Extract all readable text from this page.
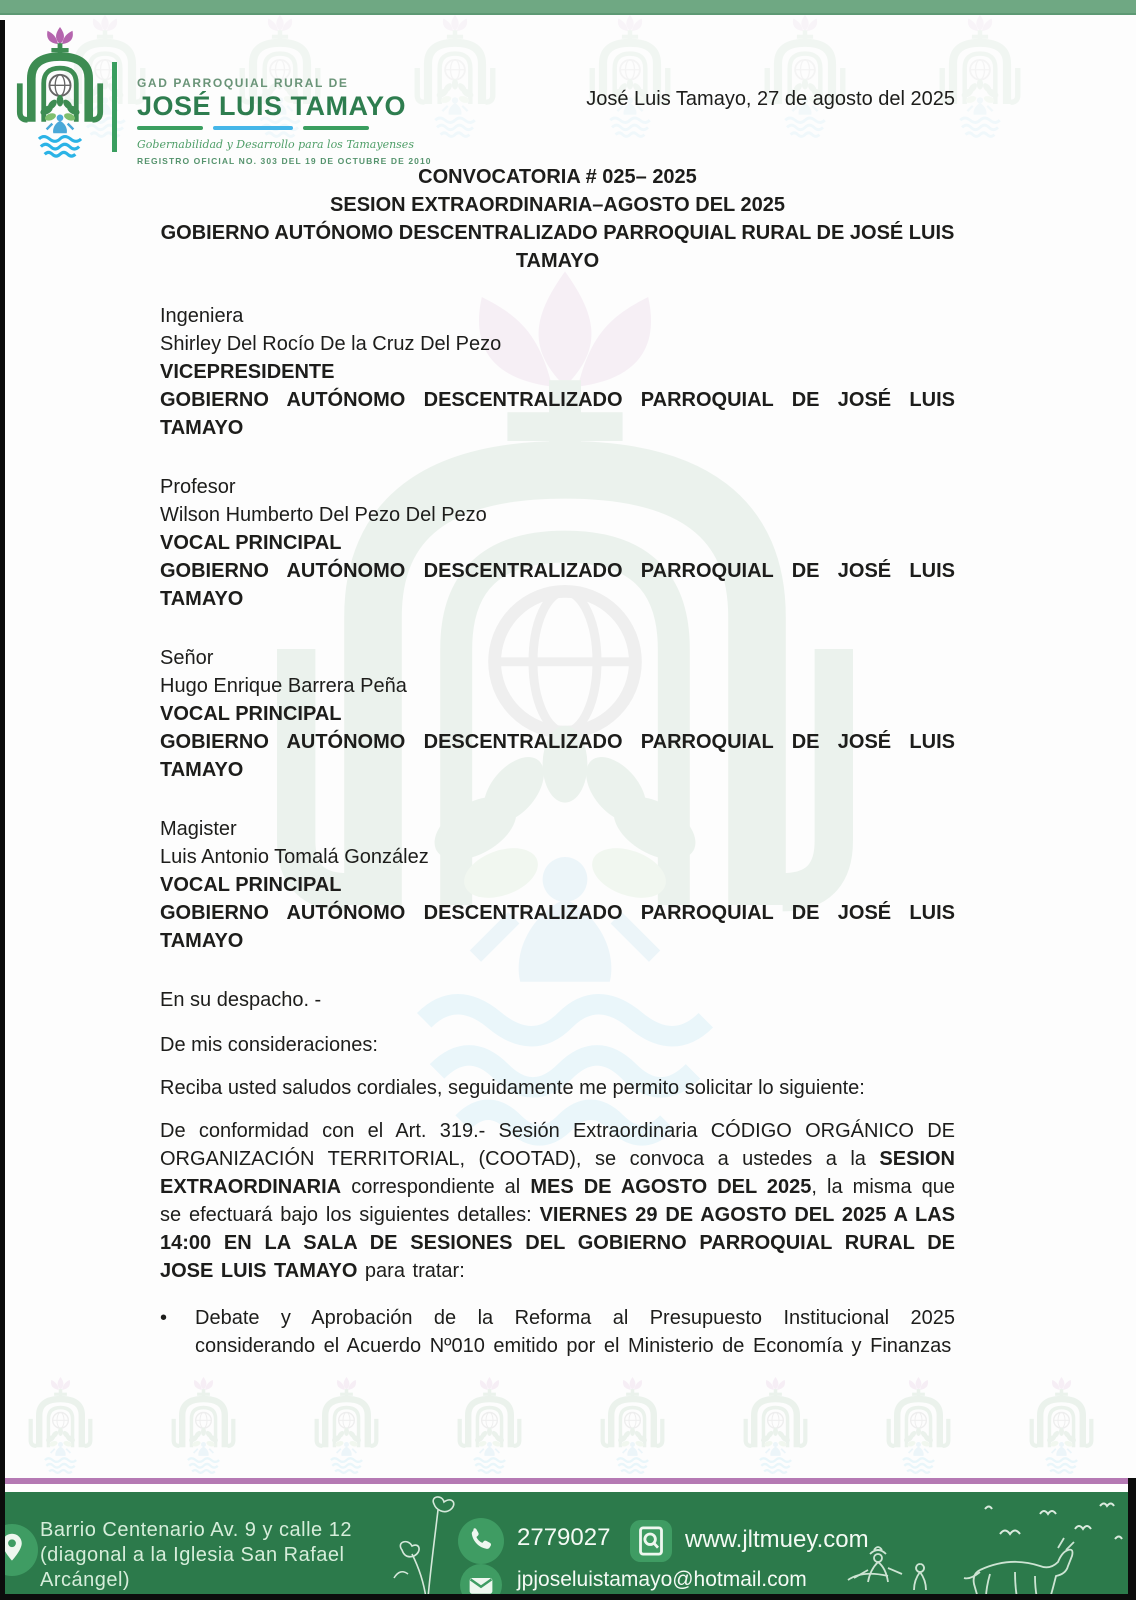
GAD PARROQUIAL RURAL DE
JOSÉ LUIS TAMAYO
Gobernabilidad y Desarrollo para los Tamayenses
REGISTRO OFICIAL NO. 303 DEL 19 DE OCTUBRE DE 2010
José Luis Tamayo, 27 de agosto del 2025
CONVOCATORIA # 025– 2025
SESION EXTRAORDINARIA–AGOSTO DEL 2025
GOBIERNO AUTÓNOMO DESCENTRALIZADO PARROQUIAL RURAL DE JOSÉ LUIS TAMAYO
Ingeniera
Shirley Del Rocío De la Cruz Del Pezo
VICEPRESIDENTE
GOBIERNO AUTÓNOMO DESCENTRALIZADO PARROQUIAL DE JOSÉ LUIS TAMAYO
Profesor
Wilson Humberto Del Pezo Del Pezo
VOCAL PRINCIPAL
GOBIERNO AUTÓNOMO DESCENTRALIZADO PARROQUIAL DE JOSÉ LUIS TAMAYO
Señor
Hugo Enrique Barrera Peña
VOCAL PRINCIPAL
GOBIERNO AUTÓNOMO DESCENTRALIZADO PARROQUIAL DE JOSÉ LUIS TAMAYO
Magister
Luis Antonio Tomalá González
VOCAL PRINCIPAL
GOBIERNO AUTÓNOMO DESCENTRALIZADO PARROQUIAL DE JOSÉ LUIS TAMAYO
En su despacho. -
De mis consideraciones:
Reciba usted saludos cordiales, seguidamente me permito solicitar lo siguiente:
De conformidad con el Art. 319.- Sesión Extraordinaria CÓDIGO ORGÁNICO DE ORGANIZACIÓN TERRITORIAL, (COOTAD), se convoca a ustedes a la SESION EXTRAORDINARIA correspondiente al MES DE AGOSTO DEL 2025, la misma que se efectuará bajo los siguientes detalles: VIERNES 29 DE AGOSTO DEL 2025 A LAS 14:00 EN LA SALA DE SESIONES DEL GOBIERNO PARROQUIAL RURAL DE JOSE LUIS TAMAYO para tratar:
•	Debate y Aprobación de la Reforma al Presupuesto Institucional 2025 considerando el Acuerdo Nº010 emitido por el Ministerio de Economía y Finanzas
Barrio Centenario Av. 9 y calle 12
(diagonal a la Iglesia San Rafael
Arcángel)
2779027	www.jltmuey.com
jpjoseluistamayo@hotmail.com
